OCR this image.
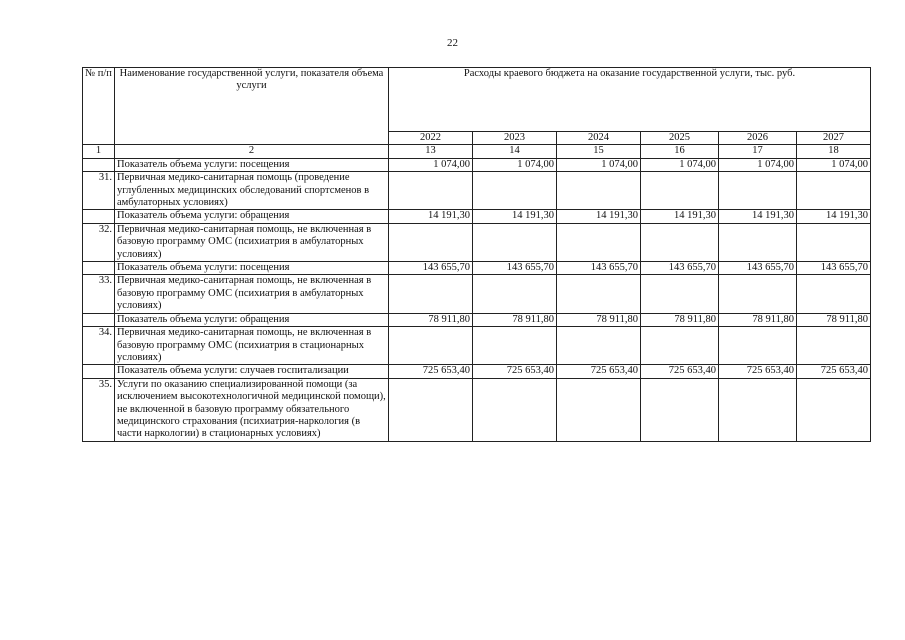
22
№ п/п	Наименование государственной услуги, показателя объема услуги	Расходы краевого бюджета на оказание государственной услуги, тыс. руб.					
		2022	2023	2024	2025	2026	2027
1	2	13	14	15	16	17	18
	Показатель объема услуги: посещения	1 074,00	1 074,00	1 074,00	1 074,00	1 074,00	1 074,00
31.	Первичная медико-санитарная помощь (проведение углубленных медицинских обследований спортсменов в амбулаторных условиях)						
	Показатель объема услуги: обращения	14 191,30	14 191,30	14 191,30	14 191,30	14 191,30	14 191,30
32.	Первичная медико-санитарная помощь, не включенная в базовую программу ОМС (психиатрия в амбулаторных условиях)						
	Показатель объема услуги: посещения	143 655,70	143 655,70	143 655,70	143 655,70	143 655,70	143 655,70
33.	Первичная медико-санитарная помощь, не включенная в базовую программу ОМС (психиатрия в амбулаторных условиях)						
	Показатель объема услуги: обращения	78 911,80	78 911,80	78 911,80	78 911,80	78 911,80	78 911,80
34.	Первичная медико-санитарная помощь, не включенная в базовую программу ОМС (психиатрия в стационарных условиях)						
	Показатель объема услуги: случаев госпитализации	725 653,40	725 653,40	725 653,40	725 653,40	725 653,40	725 653,40
35.	Услуги по оказанию специализированной помощи (за исключением высокотехнологичной медицинской помощи), не включенной в базовую программу обязательного медицинского страхования (психиатрия-наркология (в части наркологии) в стационарных условиях)						
